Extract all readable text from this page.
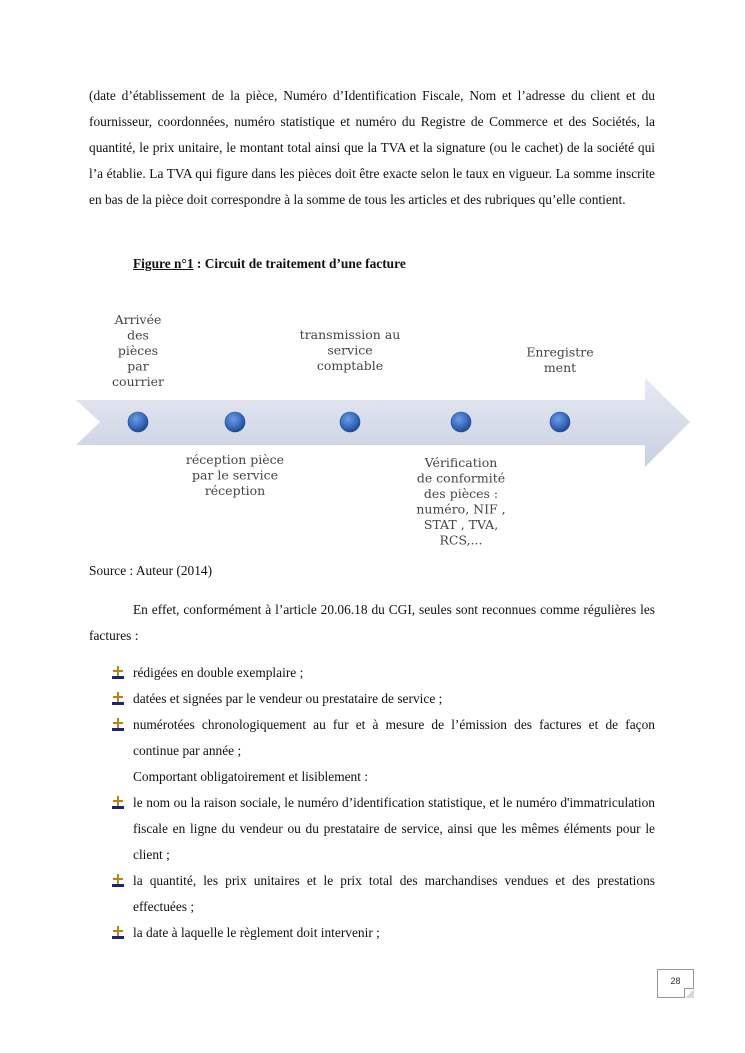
(date d’établissement de la pièce, Numéro d’Identification Fiscale, Nom et l’adresse du client et du fournisseur, coordonnées, numéro statistique et numéro du Registre de Commerce et des Sociétés, la quantité, le prix unitaire, le montant total ainsi que la TVA et la signature (ou le cachet) de la société qui l’a établie. La TVA qui figure dans les pièces doit être exacte selon le taux en vigueur. La somme inscrite en bas de la pièce doit correspondre à la somme de tous les articles et des rubriques qu’elle contient.
Figure n°1 : Circuit de traitement d’une facture
Arrivée des pièces par courrier
réception pièce par le service réception
transmission au service comptable
Vérification de conformité des pièces : numéro, NIF , STAT , TVA, RCS,...
Enregistre ment
Source : Auteur (2014)
En effet, conformément à l’article 20.06.18 du CGI, seules sont reconnues comme régulières les factures :
rédigées en double exemplaire ;
datées et signées par le vendeur ou prestataire de service ;
numérotées chronologiquement au fur et à mesure de l’émission des factures et de façon continue par année ;
Comportant obligatoirement et lisiblement :
le nom ou la raison sociale, le numéro d’identification statistique, et le numéro d'immatriculation fiscale en ligne du vendeur ou du prestataire de service, ainsi que les mêmes éléments pour le client ;
la quantité, les prix unitaires et le prix total des marchandises vendues et des prestations effectuées ;
la date à laquelle le règlement doit intervenir ;
28
